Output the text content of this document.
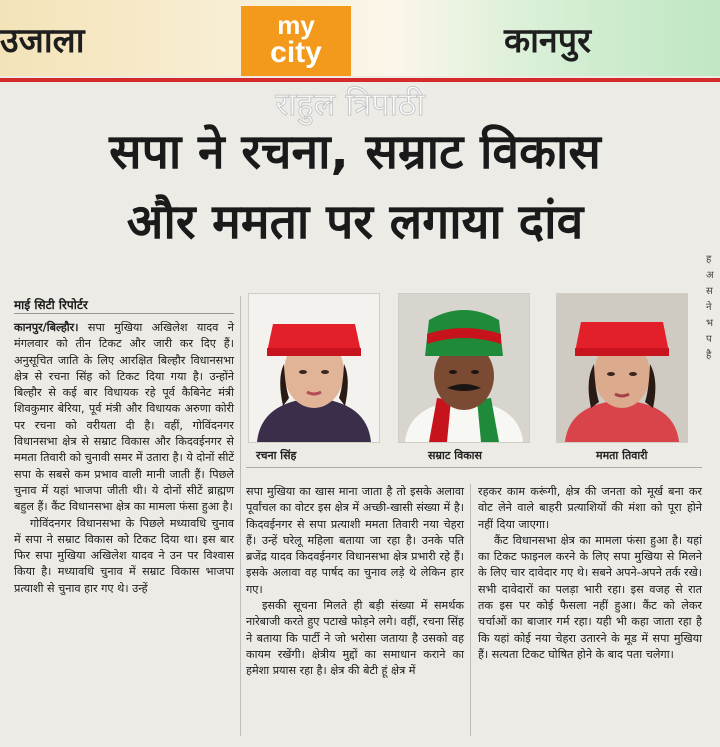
उजाला	my
city	कानपुर
राहुल त्रिपाठी
सपा ने रचना, सम्राट विकास
और ममता पर लगाया दांव
माई सिटी रिपोर्टर
रचना सिंह	सम्राट विकास	ममता तिवारी

कानपुर/बिल्हौर। सपा मुखिया अखिलेश यादव ने मंगलवार को तीन टिकट और जारी कर दिए हैं। अनुसूचित जाति के लिए आरक्षित बिल्हौर विधानसभा क्षेत्र से रचना सिंह को टिकट दिया गया है। उन्होंने बिल्हौर से कई बार विधायक रहे पूर्व कैबिनेट मंत्री शिवकुमार बेरिया, पूर्व मंत्री और विधायक अरुणा कोरी पर रचना को वरीयता दी है। वहीं, गोविंदनगर विधानसभा क्षेत्र से सम्राट विकास और किदवईनगर से ममता तिवारी को चुनावी समर में उतारा है। ये दोनों सीटें सपा के सबसे कम प्रभाव वाली मानी जाती हैं। पिछले चुनाव में यहां भाजपा जीती थी। ये दोनों सीटें ब्राह्मण बहुल हैं। कैंट विधानसभा क्षेत्र का मामला फंसा हुआ है।

गोविंदनगर विधानसभा के पिछले मध्यावधि चुनाव में सपा ने सम्राट विकास को टिकट दिया था। इस बार फिर सपा मुखिया अखिलेश यादव ने उन पर विश्वास किया है। मध्यावधि चुनाव में सम्राट विकास भाजपा प्रत्याशी से चुनाव हार गए थे। उन्हें

सपा मुखिया का खास माना जाता है तो इसके अलावा पूर्वांचल का वोटर इस क्षेत्र में अच्छी-खासी संख्या में है। किदवईनगर से सपा प्रत्याशी ममता तिवारी नया चेहरा हैं। उन्हें घरेलू महिला बताया जा रहा है। उनके पति ब्रजेंद्र यादव किदवईनगर विधानसभा क्षेत्र प्रभारी रहे हैं। इसके अलावा वह पार्षद का चुनाव लड़े थे लेकिन हार गए।

इसकी सूचना मिलते ही बड़ी संख्या में समर्थक नारेबाजी करते हुए पटाखे फोड़ने लगे। वहीं, रचना सिंह ने बताया कि पार्टी ने जो भरोसा जताया है उसको वह कायम रखेंगी। क्षेत्रीय मुद्दों का समाधान कराने का हमेशा प्रयास रहा है। क्षेत्र की बेटी हूं क्षेत्र में

रहकर काम करूंगी, क्षेत्र की जनता को मूर्ख बना कर वोट लेने वाले बाहरी प्रत्याशियों की मंशा को पूरा होने नहीं दिया जाएगा।

कैंट विधानसभा क्षेत्र का मामला फंसा हुआ है। यहां का टिकट फाइनल करने के लिए सपा मुखिया से मिलने के लिए चार दावेदार गए थे। सबने अपने-अपने तर्क रखे। सभी दावेदारों का पलड़ा भारी रहा। इस वजह से रात तक इस पर कोई फैसला नहीं हुआ। कैंट को लेकर चर्चाओं का बाजार गर्म रहा। यही भी कहा जाता रहा है कि यहां कोई नया चेहरा उतारने के मूड में सपा मुखिया हैं। सत्यता टिकट घोषित होने के बाद पता चलेगा।

ह अ स ने भ प है
